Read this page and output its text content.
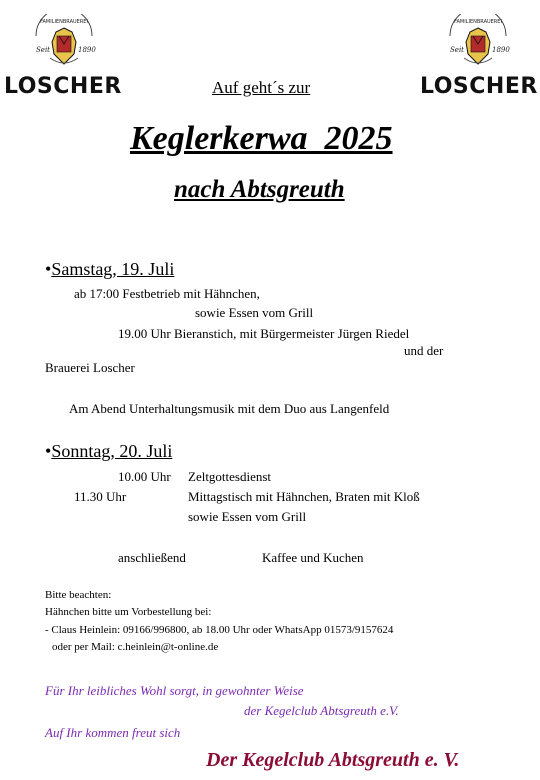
FAMILIENBRAUEREI
Seit	1890
LOSCHER
FAMILIENBRAUEREI
Seit	1890
LOSCHER
Auf geht´s zur
Keglerkerwa  2025
nach Abtsgreuth
•Samstag, 19. Juli
ab 17:00 Festbetrieb mit Hähnchen,
sowie Essen vom Grill
19.00 Uhr Bieranstich, mit Bürgermeister Jürgen Riedel
und der
Brauerei Loscher
Am Abend Unterhaltungsmusik mit dem Duo aus Langenfeld
•Sonntag, 20. Juli
10.00 Uhr Zeltgottesdienst
11.30 Uhr	Mittagstisch mit Hähnchen, Braten mit Kloß
sowie Essen vom Grill
anschließend	Kaffee und Kuchen
Bitte beachten:
Hähnchen bitte um Vorbestellung bei:
- Claus Heinlein: 09166/996800, ab 18.00 Uhr oder WhatsApp 01573/9157624
oder per Mail: c.heinlein@t-online.de
Für Ihr leibliches Wohl sorgt, in gewohnter Weise
der Kegelclub Abtsgreuth e.V.
Auf Ihr kommen freut sich
Der Kegelclub Abtsgreuth e. V.
